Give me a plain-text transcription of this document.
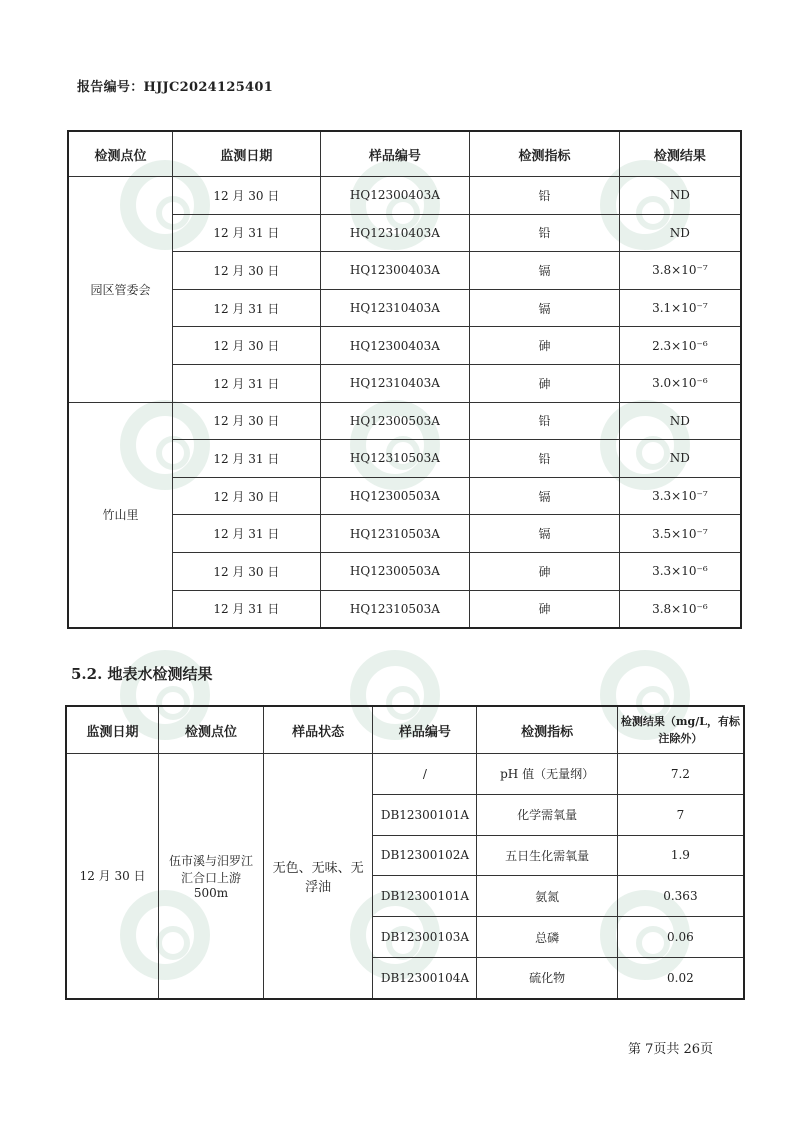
报告编号：HJJC2024125401
检测点位	监测日期	样品编号	检测指标	检测结果
园区管委会	12 月 30 日	HQ12300403A	铅	ND
	12 月 31 日	HQ12310403A	铅	ND
	12 月 30 日	HQ12300403A	镉	3.8×10⁻⁷
	12 月 31 日	HQ12310403A	镉	3.1×10⁻⁷
	12 月 30 日	HQ12300403A	砷	2.3×10⁻⁶
	12 月 31 日	HQ12310403A	砷	3.0×10⁻⁶
竹山里	12 月 30 日	HQ12300503A	铅	ND
	12 月 31 日	HQ12310503A	铅	ND
	12 月 30 日	HQ12300503A	镉	3.3×10⁻⁷
	12 月 31 日	HQ12310503A	镉	3.5×10⁻⁷
	12 月 30 日	HQ12300503A	砷	3.3×10⁻⁶
	12 月 31 日	HQ12310503A	砷	3.8×10⁻⁶
5.2. 地表水检测结果
监测日期	检测点位	样品状态	样品编号	检测指标	检测结果（mg/L，有标注除外）
12 月 30 日	伍市溪与汨罗江汇合口上游500m	无色、无味、无浮油	/	pH 值（无量纲）	7.2
			DB12300101A	化学需氧量	7
			DB12300102A	五日生化需氧量	1.9
			DB12300101A	氨氮	0.363
			DB12300103A	总磷	0.06
			DB12300104A	硫化物	0.02
第 7页共 26页
